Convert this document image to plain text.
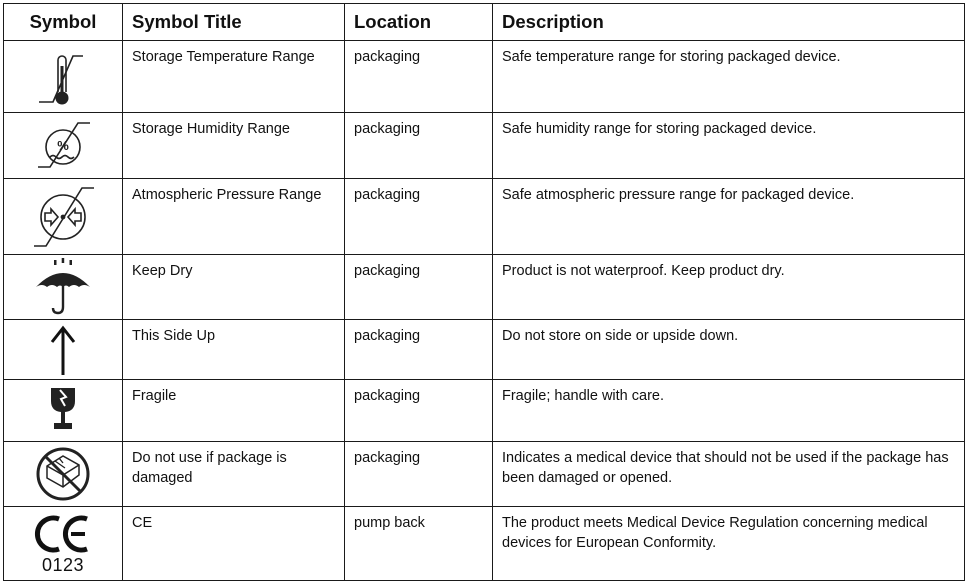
Symbol	Symbol Title	Location	Description

	Storage Temperature Range	packaging	Safe temperature range for storing packaged device.

%	Storage Humidity Range	packaging	Safe humidity range for storing packaged device.

	Atmospheric Pressure Range	packaging	Safe atmospheric pressure range for packaged device.

	Keep Dry	packaging	Product is not waterproof. Keep product dry.

	This Side Up	packaging	Do not store on side or upside down.

	Fragile	packaging	Fragile; handle with care.

	Do not use if package is damaged	packaging	Indicates a medical device that should not be used if the package has been damaged or opened.

0123	CE	pump back	The product meets Medical Device Regulation concerning medical devices for European Conformity.
